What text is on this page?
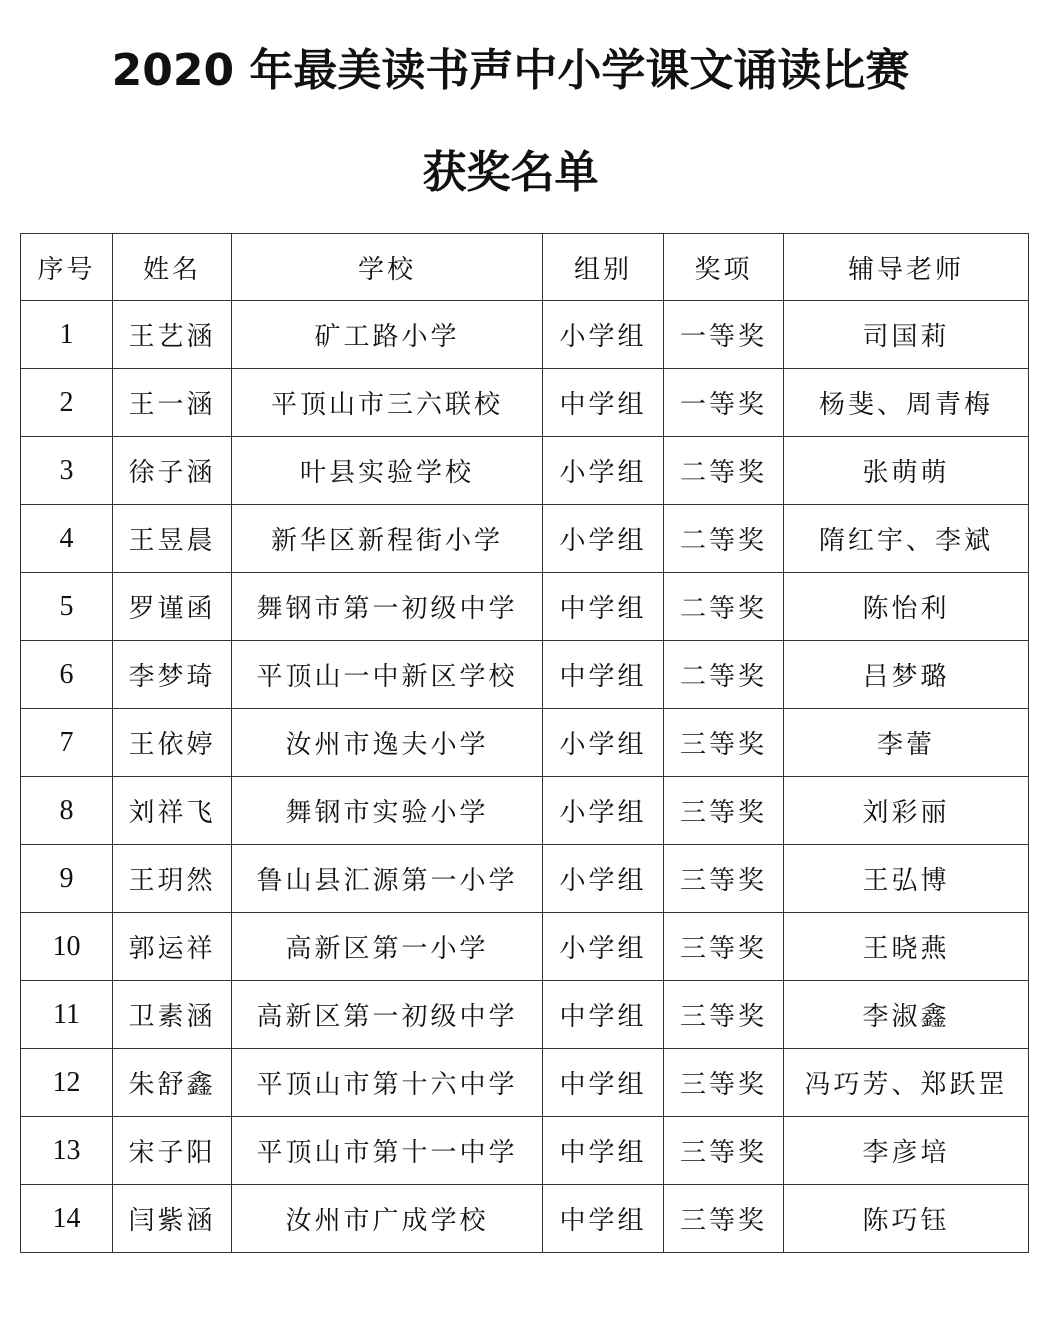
2020 年最美读书声中小学课文诵读比赛
获奖名单
序号	姓名	学校	组别	奖项	辅导老师
1	王艺涵	矿工路小学	小学组	一等奖	司国莉
2	王一涵	平顶山市三六联校	中学组	一等奖	杨斐、周青梅
3	徐子涵	叶县实验学校	小学组	二等奖	张萌萌
4	王昱晨	新华区新程街小学	小学组	二等奖	隋红宇、李斌
5	罗谨函	舞钢市第一初级中学	中学组	二等奖	陈怡利
6	李梦琦	平顶山一中新区学校	中学组	二等奖	吕梦璐
7	王依婷	汝州市逸夫小学	小学组	三等奖	李蕾
8	刘祥飞	舞钢市实验小学	小学组	三等奖	刘彩丽
9	王玥然	鲁山县汇源第一小学	小学组	三等奖	王弘博
10	郭运祥	高新区第一小学	小学组	三等奖	王晓燕
11	卫素涵	高新区第一初级中学	中学组	三等奖	李淑鑫
12	朱舒鑫	平顶山市第十六中学	中学组	三等奖	冯巧芳、郑跃罡
13	宋子阳	平顶山市第十一中学	中学组	三等奖	李彦培
14	闫紫涵	汝州市广成学校	中学组	三等奖	陈巧钰
